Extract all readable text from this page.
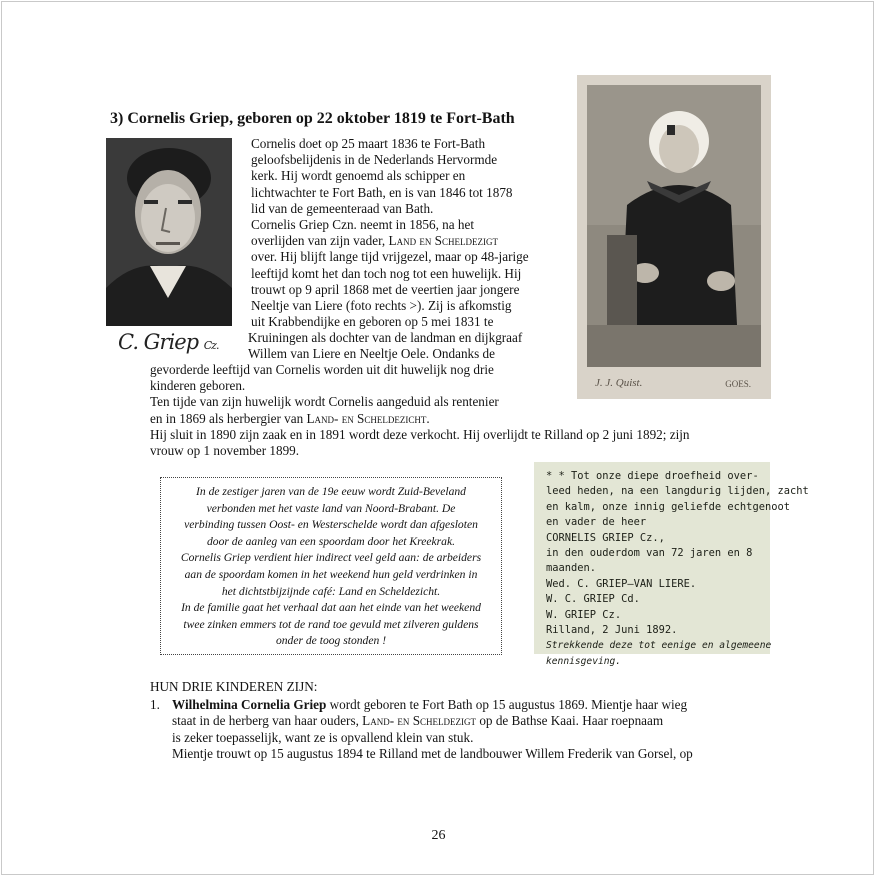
3) Cornelis Griep, geboren op 22 oktober 1819 te Fort-Bath
C. Griep Cz.
Cornelis doet op 25 maart 1836 te Fort-Bath
geloofsbelijdenis in de Nederlands Hervormde
kerk. Hij wordt genoemd als schipper en
lichtwachter te Fort Bath, en is van 1846 tot 1878
lid van de gemeenteraad van Bath.
Cornelis Griep Czn. neemt in 1856, na het
overlijden van zijn vader, Land en Scheldezigt
over. Hij blijft lange tijd vrijgezel, maar op 48-jarige
leeftijd komt het dan toch nog tot een huwelijk. Hij
trouwt op 9 april 1868 met de veertien jaar jongere
Neeltje van Liere (foto rechts >). Zij is afkomstig
uit Krabbendijke en geboren op 5 mei 1831 te
Kruiningen als dochter van de landman en dijkgraaf
Willem van Liere en Neeltje Oele. Ondanks de
gevorderde leeftijd van Cornelis worden uit dit huwelijk nog drie
kinderen geboren.
Ten tijde van zijn huwelijk wordt Cornelis aangeduid als rentenier
en in 1869 als herbergier van Land- en Scheldezicht.
Hij sluit in 1890 zijn zaak en in 1891 wordt deze verkocht. Hij overlijdt te Rilland op 2 juni 1892; zijn
vrouw op 1 november 1899.
J. J. Quist.	GOES.
In de zestiger jaren van de 19e eeuw wordt Zuid-Beveland
verbonden met het vaste land van Noord-Brabant. De
verbinding tussen Oost- en Westerschelde wordt dan afgesloten
door de aanleg van een spoordam door het Kreekrak.
Cornelis Griep verdient hier indirect veel geld aan: de arbeiders
aan de spoordam komen in het weekend hun geld verdrinken in
het dichtstbijzijnde café: Land en Scheldezicht.
In de familie gaat het verhaal dat aan het einde van het weekend
twee zinken emmers tot de rand toe gevuld met zilveren guldens
onder de toog stonden !
* * Tot onze diepe droefheid over-
leed heden, na een langdurig lijden, zacht
en kalm, onze innig geliefde echtgenoot
en vader de heer
CORNELIS GRIEP Cz.,
in den ouderdom van 72 jaren en 8
maanden.
Wed. C. GRIEP—VAN LIERE.
W. C. GRIEP Cd.
W. GRIEP Cz.
Rilland, 2 Juni 1892.
Strekkende deze tot eenige en algemeene
kennisgeving.
HUN DRIE KINDEREN ZIJN:
1. Wilhelmina Cornelia Griep wordt geboren te Fort Bath op 15 augustus 1869. Mientje haar wieg
staat in de herberg van haar ouders, Land- en Scheldezigt op de Bathse Kaai. Haar roepnaam
is zeker toepasselijk, want ze is opvallend klein van stuk.
Mientje trouwt op 15 augustus 1894 te Rilland met de landbouwer Willem Frederik van Gorsel, op
26
